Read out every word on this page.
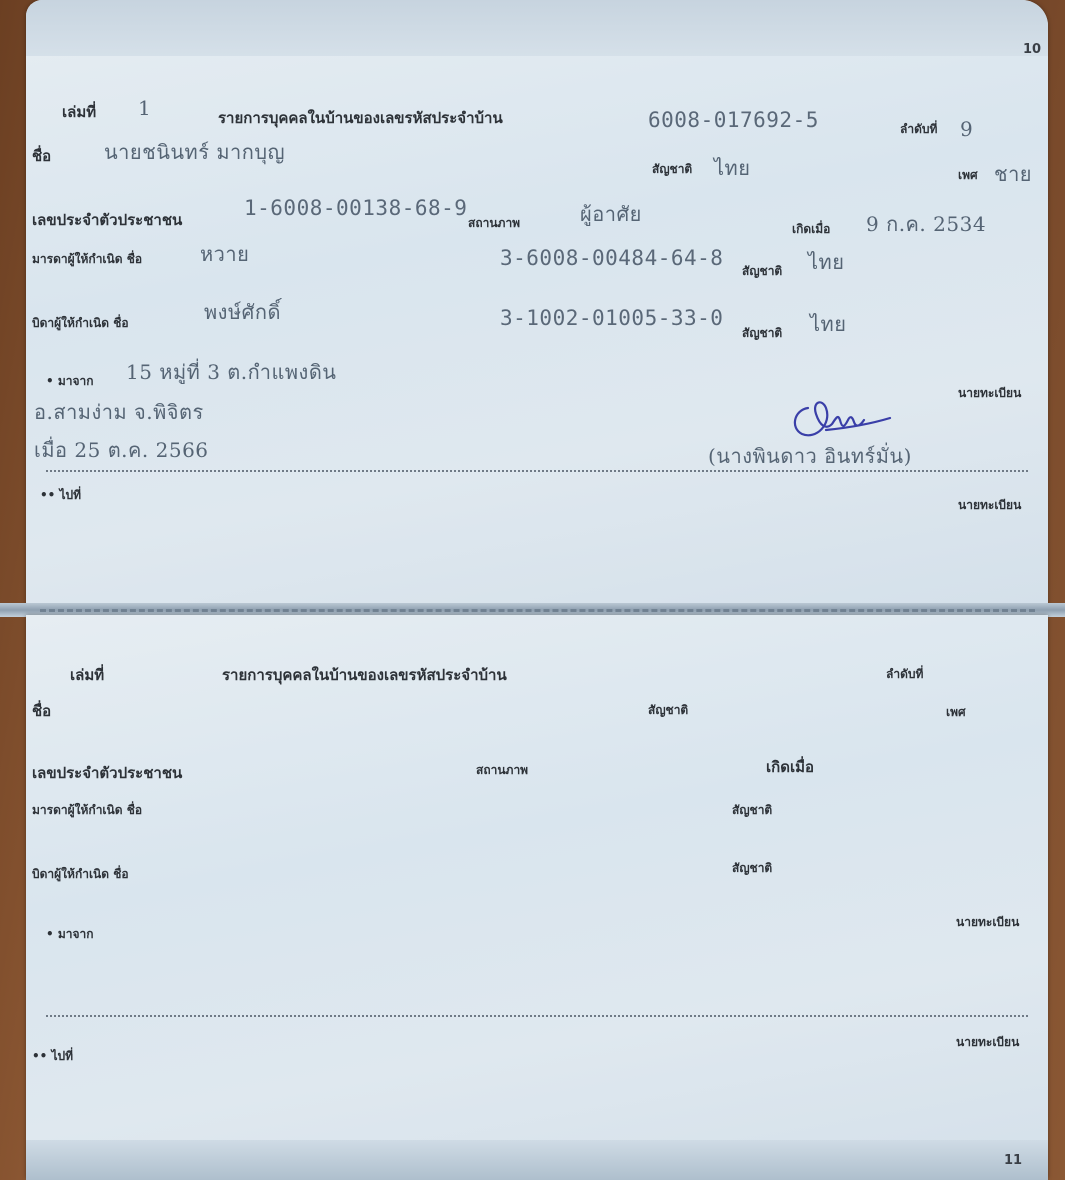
10
เล่มที่ 1	รายการบุคคลในบ้านของเลขรหัสประจำบ้าน	6008-017692-5	ลำดับที่ 9
ชื่อ	นายชนินทร์ มากบุญ
สัญชาติ ไทย	เพศ ชาย
เลขประจำตัวประชาชน	1-6008-00138-68-9
สถานภาพ	ผู้อาศัย
เกิดเมื่อ 9 ก.ค. 2534
มารดาผู้ให้กำเนิด ชื่อ	หวาย	3-6008-00484-64-8
สัญชาติ ไทย
บิดาผู้ให้กำเนิด ชื่อ	พงษ์ศักดิ์	3-1002-01005-33-0
สัญชาติ ไทย
• มาจาก 15 หมู่ที่ 3 ต.กำแพงดิน
อ.สามง่าม จ.พิจิตร
เมื่อ 25 ต.ค. 2566
นายทะเบียน
(นางพินดาว อินทร์มั่น)
•• ไปที่
นายทะเบียน
เล่มที่	รายการบุคคลในบ้านของเลขรหัสประจำบ้าน	ลำดับที่
ชื่อ	สัญชาติ	เพศ
เลขประจำตัวประชาชน	สถานภาพ	เกิดเมื่อ
มารดาผู้ให้กำเนิด ชื่อ	สัญชาติ
บิดาผู้ให้กำเนิด ชื่อ	สัญชาติ
• มาจาก
นายทะเบียน
•• ไปที่
นายทะเบียน
11
